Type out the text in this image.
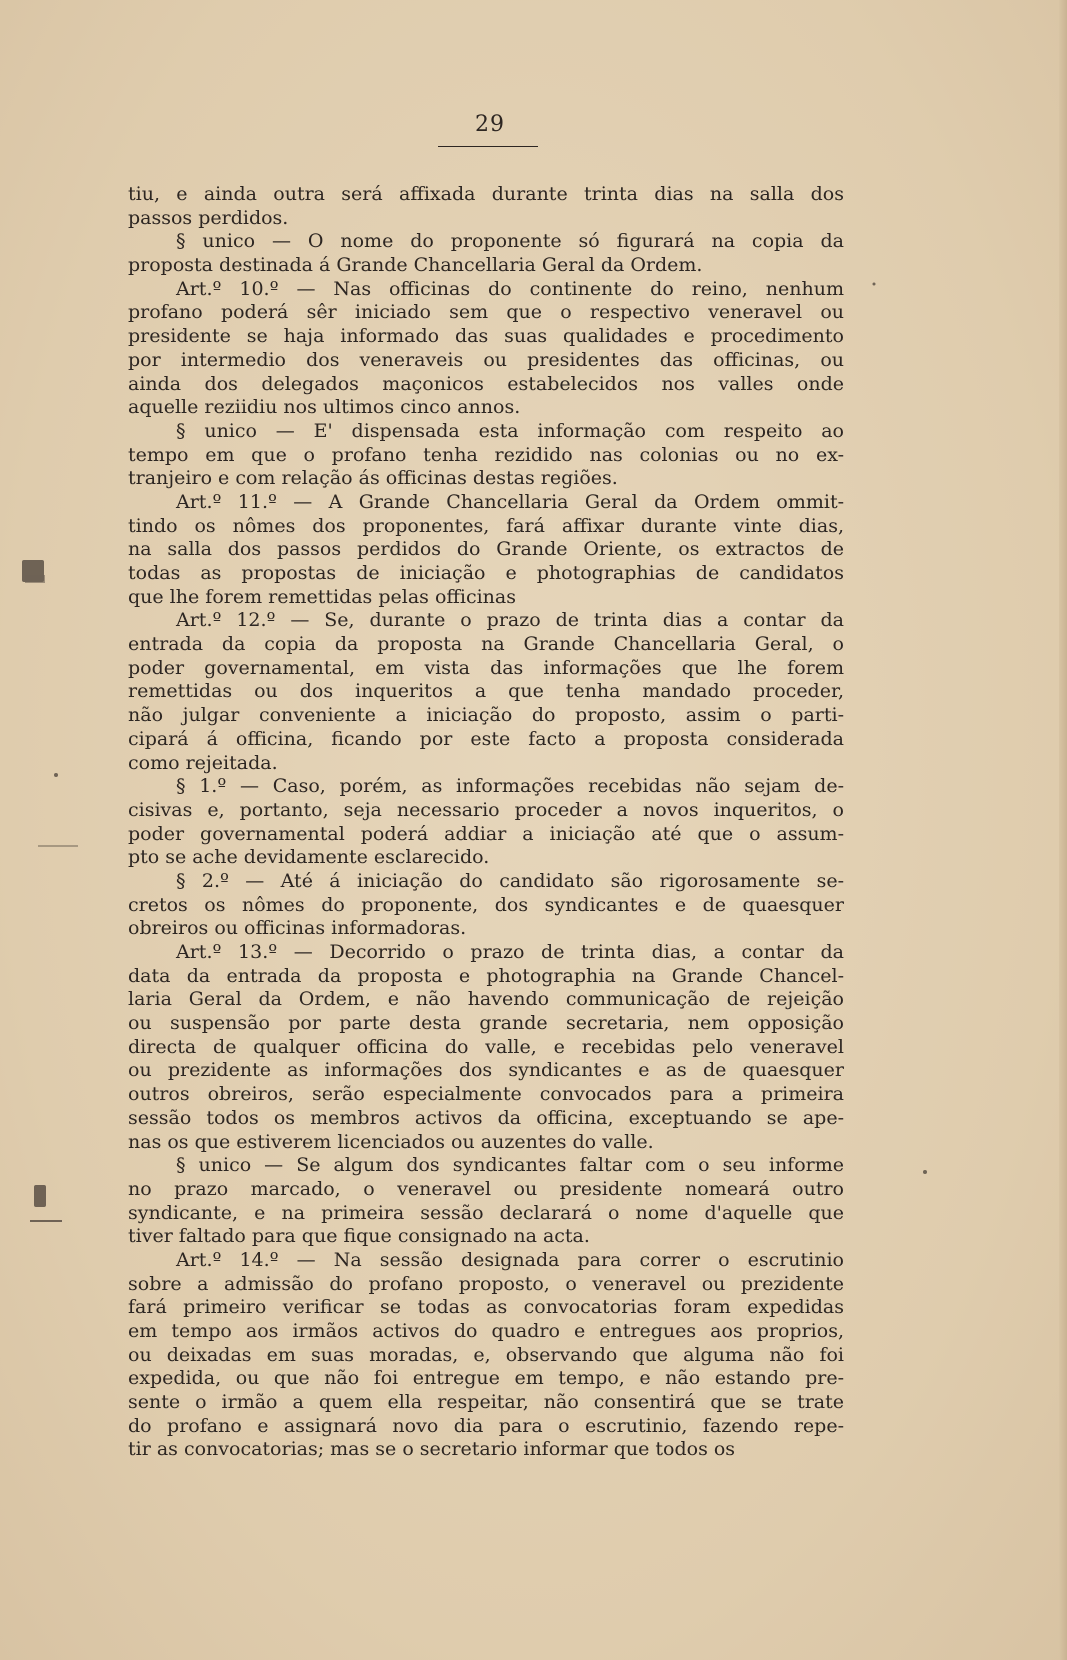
29
tiu, e ainda outra será affixada durante trinta dias na salla dos
passos perdidos.
§ unico — O nome do proponente só figurará na copia da
proposta destinada á Grande Chancellaria Geral da Ordem.
Art.º 10.º — Nas officinas do continente do reino, nenhum
profano poderá sêr iniciado sem que o respectivo veneravel ou
presidente se haja informado das suas qualidades e procedimento
por intermedio dos veneraveis ou presidentes das officinas, ou
ainda dos delegados maçonicos estabelecidos nos valles onde
aquelle reziidiu nos ultimos cinco annos.
§ unico — E' dispensada esta informação com respeito ao
tempo em que o profano tenha rezidido nas colonias ou no ex-
tranjeiro e com relação ás officinas destas regiões.
Art.º 11.º — A Grande Chancellaria Geral da Ordem ommit-
tindo os nômes dos proponentes, fará affixar durante vinte dias,
na salla dos passos perdidos do Grande Oriente, os extractos de
todas as propostas de iniciação e photographias de candidatos
que lhe forem remettidas pelas officinas
Art.º 12.º — Se, durante o prazo de trinta dias a contar da
entrada da copia da proposta na Grande Chancellaria Geral, o
poder governamental, em vista das informações que lhe forem
remettidas ou dos inqueritos a que tenha mandado proceder,
não julgar conveniente a iniciação do proposto, assim o parti-
cipará á officina, ficando por este facto a proposta considerada
como rejeitada.
§ 1.º — Caso, porém, as informações recebidas não sejam de-
cisivas e, portanto, seja necessario proceder a novos inqueritos, o
poder governamental poderá addiar a iniciação até que o assum-
pto se ache devidamente esclarecido.
§ 2.º — Até á iniciação do candidato são rigorosamente se-
cretos os nômes do proponente, dos syndicantes e de quaesquer
obreiros ou officinas informadoras.
Art.º 13.º — Decorrido o prazo de trinta dias, a contar da
data da entrada da proposta e photographia na Grande Chancel-
laria Geral da Ordem, e não havendo communicação de rejeição
ou suspensão por parte desta grande secretaria, nem opposição
directa de qualquer officina do valle, e recebidas pelo veneravel
ou prezidente as informações dos syndicantes e as de quaesquer
outros obreiros, serão especialmente convocados para a primeira
sessão todos os membros activos da officina, exceptuando se ape-
nas os que estiverem licenciados ou auzentes do valle.
§ unico — Se algum dos syndicantes faltar com o seu informe
no prazo marcado, o veneravel ou presidente nomeará outro
syndicante, e na primeira sessão declarará o nome d'aquelle que
tiver faltado para que fique consignado na acta.
Art.º 14.º — Na sessão designada para correr o escrutinio
sobre a admissão do profano proposto, o veneravel ou prezidente
fará primeiro verificar se todas as convocatorias foram expedidas
em tempo aos irmãos activos do quadro e entregues aos proprios,
ou deixadas em suas moradas, e, observando que alguma não foi
expedida, ou que não foi entregue em tempo, e não estando pre-
sente o irmão a quem ella respeitar, não consentirá que se trate
do profano e assignará novo dia para o escrutinio, fazendo repe-
tir as convocatorias; mas se o secretario informar que todos os
